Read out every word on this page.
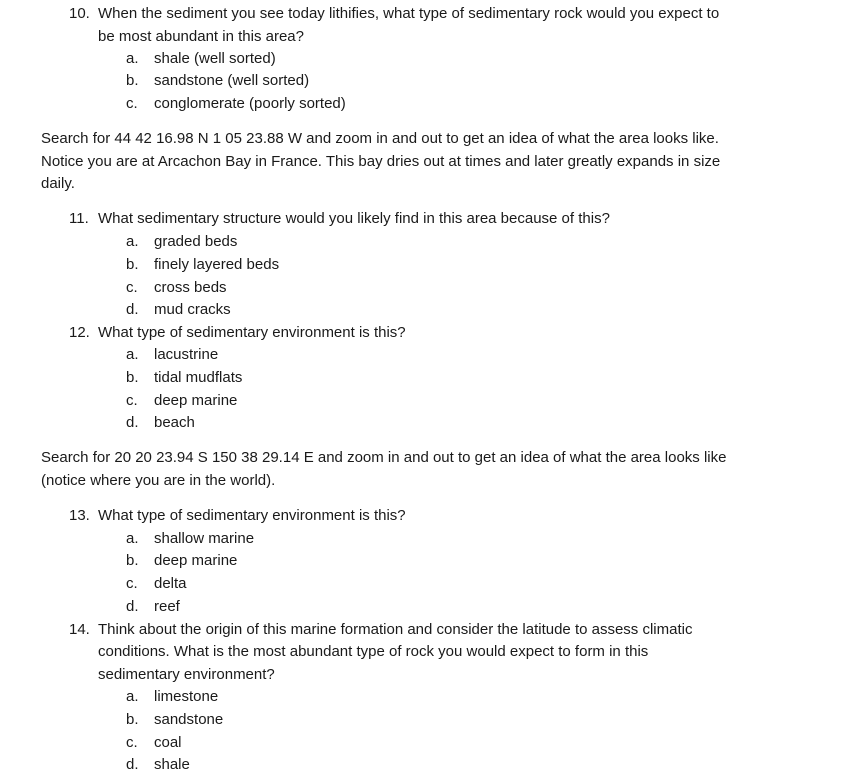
10. When the sediment you see today lithifies, what type of sedimentary rock would you expect to
be most abundant in this area?
a. shale (well sorted)
b. sandstone (well sorted)
c. conglomerate (poorly sorted)
Search for 44 42 16.98 N 1 05 23.88 W and zoom in and out to get an idea of what the area looks like.
Notice you are at Arcachon Bay in France. This bay dries out at times and later greatly expands in size
daily.
11. What sedimentary structure would you likely find in this area because of this?
a. graded beds
b. finely layered beds
c. cross beds
d. mud cracks
12. What type of sedimentary environment is this?
a. lacustrine
b. tidal mudflats
c. deep marine
d. beach
Search for 20 20 23.94 S 150 38 29.14 E and zoom in and out to get an idea of what the area looks like
(notice where you are in the world).
13. What type of sedimentary environment is this?
a. shallow marine
b. deep marine
c. delta
d. reef
14. Think about the origin of this marine formation and consider the latitude to assess climatic
conditions. What is the most abundant type of rock you would expect to form in this
sedimentary environment?
a. limestone
b. sandstone
c. coal
d. shale
